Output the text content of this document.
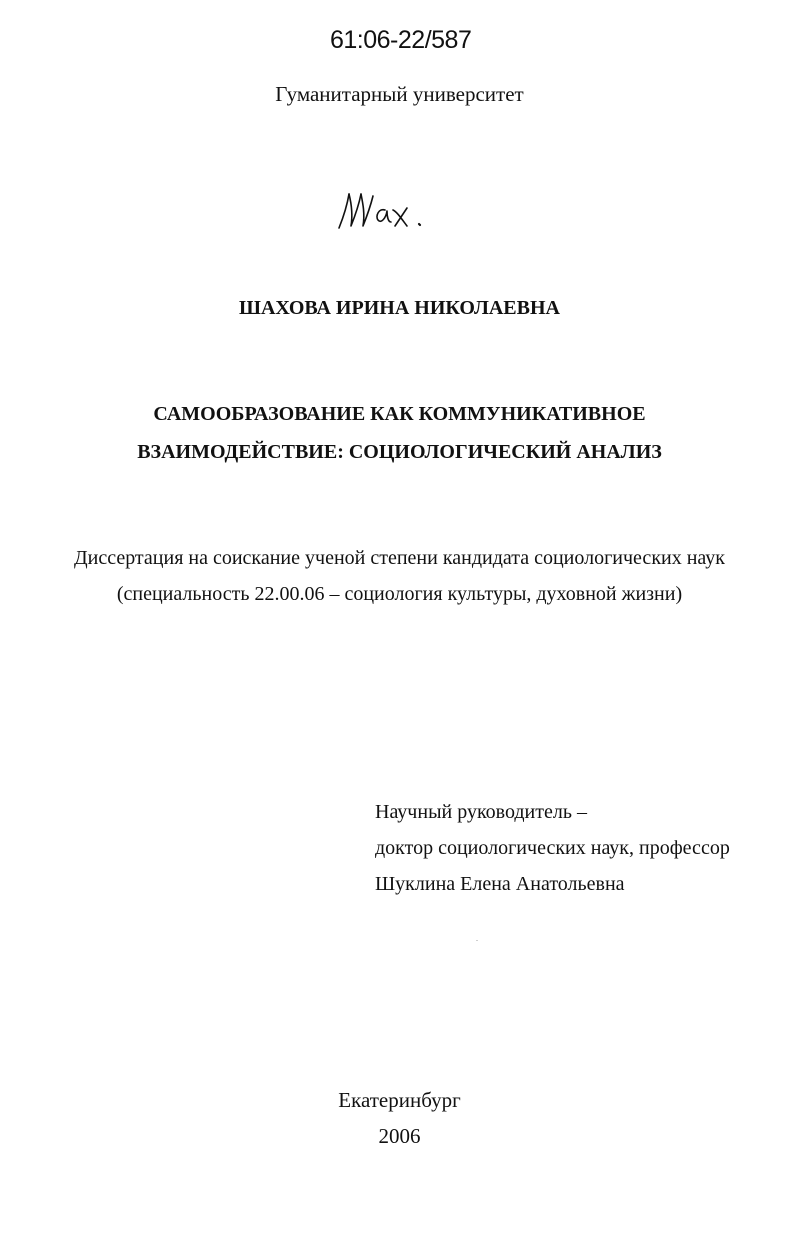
61:06-22/587
Гуманитарный университет
ШАХОВА ИРИНА НИКОЛАЕВНА
САМООБРАЗОВАНИЕ КАК КОММУНИКАТИВНОЕ
ВЗАИМОДЕЙСТВИЕ: СОЦИОЛОГИЧЕСКИЙ АНАЛИЗ
Диссертация на соискание ученой степени кандидата социологических наук
(специальность 22.00.06 – социология культуры, духовной жизни)
Научный руководитель –
доктор социологических наук, профессор
Шуклина Елена Анатольевна
Екатеринбург
2006
